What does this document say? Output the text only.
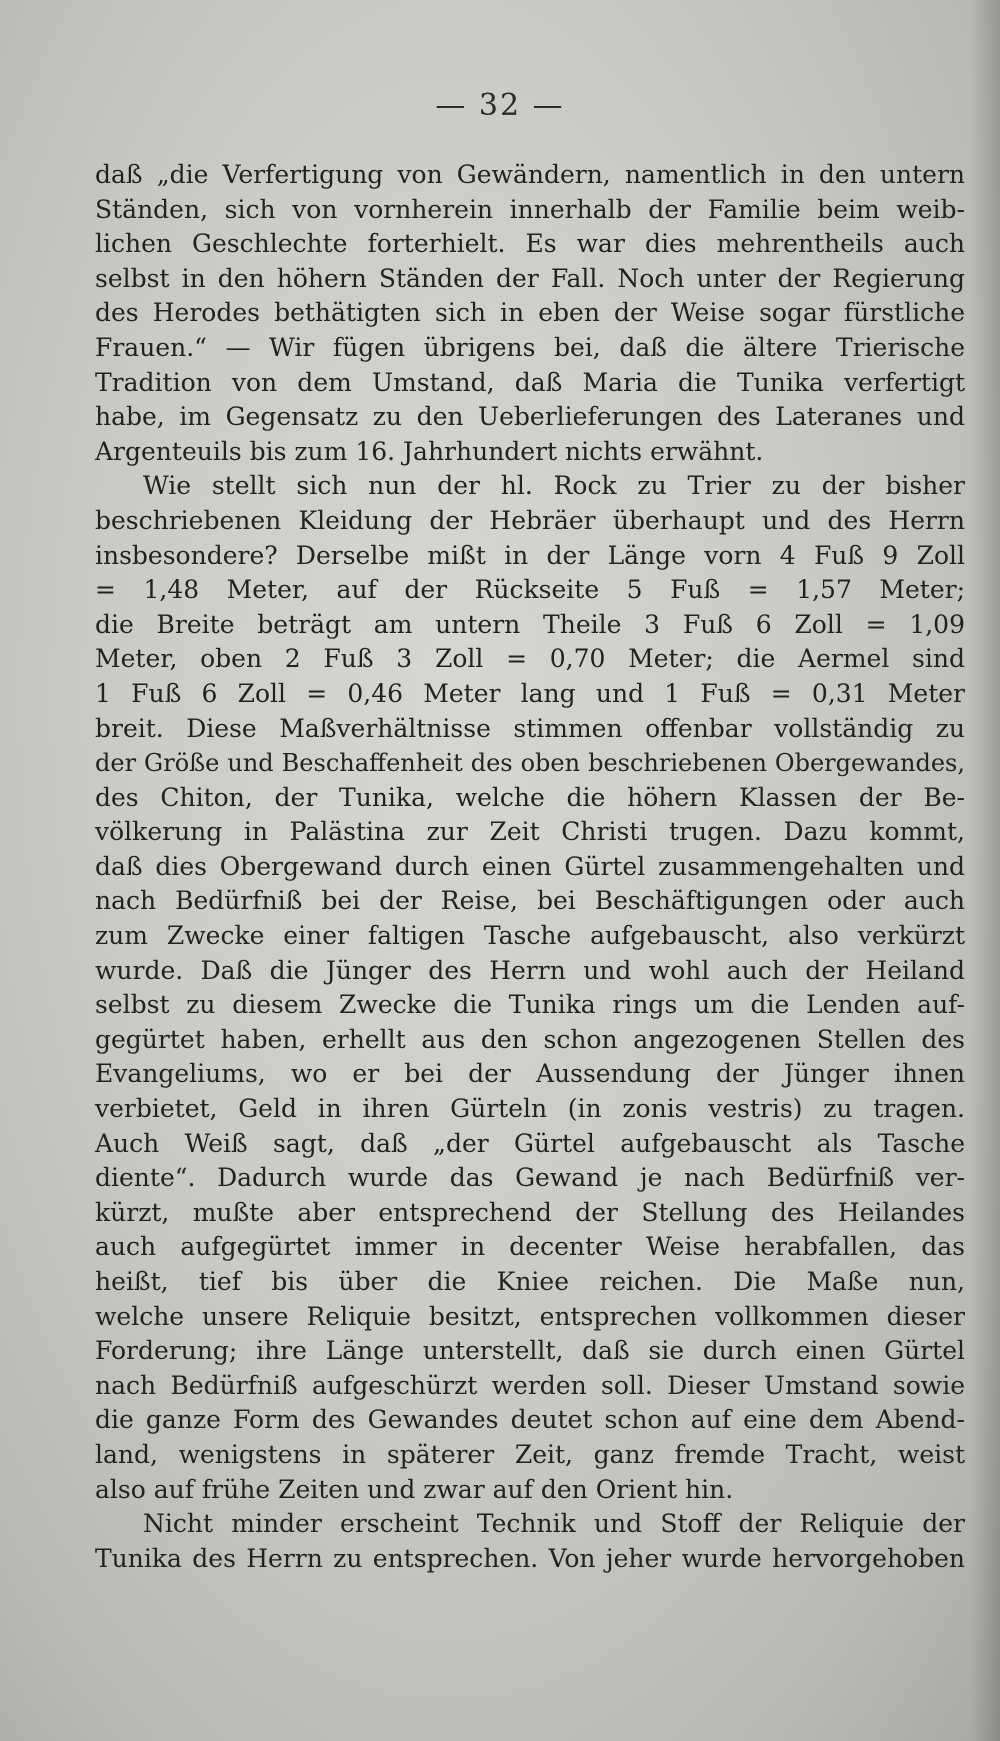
— 32 —
daß „die Verfertigung von Gewändern, namentlich in den untern
Ständen, sich von vornherein innerhalb der Familie beim weib-
lichen Geschlechte forterhielt. Es war dies mehrentheils auch
selbst in den höhern Ständen der Fall. Noch unter der Regierung
des Herodes bethätigten sich in eben der Weise sogar fürstliche
Frauen.“ — Wir fügen übrigens bei, daß die ältere Trierische
Tradition von dem Umstand, daß Maria die Tunika verfertigt
habe, im Gegensatz zu den Ueberlieferungen des Lateranes und
Argenteuils bis zum 16. Jahrhundert nichts erwähnt.
Wie stellt sich nun der hl. Rock zu Trier zu der bisher
beschriebenen Kleidung der Hebräer überhaupt und des Herrn
insbesondere? Derselbe mißt in der Länge vorn 4 Fuß 9 Zoll
= 1,48 Meter, auf der Rückseite 5 Fuß = 1,57 Meter;
die Breite beträgt am untern Theile 3 Fuß 6 Zoll = 1,09
Meter, oben 2 Fuß 3 Zoll = 0,70 Meter; die Aermel sind
1 Fuß 6 Zoll = 0,46 Meter lang und 1 Fuß = 0,31 Meter
breit. Diese Maßverhältnisse stimmen offenbar vollständig zu
der Größe und Beschaffenheit des oben beschriebenen Obergewandes,
des Chiton, der Tunika, welche die höhern Klassen der Be-
völkerung in Palästina zur Zeit Christi trugen. Dazu kommt,
daß dies Obergewand durch einen Gürtel zusammengehalten und
nach Bedürfniß bei der Reise, bei Beschäftigungen oder auch
zum Zwecke einer faltigen Tasche aufgebauscht, also verkürzt
wurde. Daß die Jünger des Herrn und wohl auch der Heiland
selbst zu diesem Zwecke die Tunika rings um die Lenden auf-
gegürtet haben, erhellt aus den schon angezogenen Stellen des
Evangeliums, wo er bei der Aussendung der Jünger ihnen
verbietet, Geld in ihren Gürteln (in zonis vestris) zu tragen.
Auch Weiß sagt, daß „der Gürtel aufgebauscht als Tasche
diente“. Dadurch wurde das Gewand je nach Bedürfniß ver-
kürzt, mußte aber entsprechend der Stellung des Heilandes
auch aufgegürtet immer in decenter Weise herabfallen, das
heißt, tief bis über die Kniee reichen. Die Maße nun,
welche unsere Reliquie besitzt, entsprechen vollkommen dieser
Forderung; ihre Länge unterstellt, daß sie durch einen Gürtel
nach Bedürfniß aufgeschürzt werden soll. Dieser Umstand sowie
die ganze Form des Gewandes deutet schon auf eine dem Abend-
land, wenigstens in späterer Zeit, ganz fremde Tracht, weist
also auf frühe Zeiten und zwar auf den Orient hin.
Nicht minder erscheint Technik und Stoff der Reliquie der
Tunika des Herrn zu entsprechen. Von jeher wurde hervorgehoben
